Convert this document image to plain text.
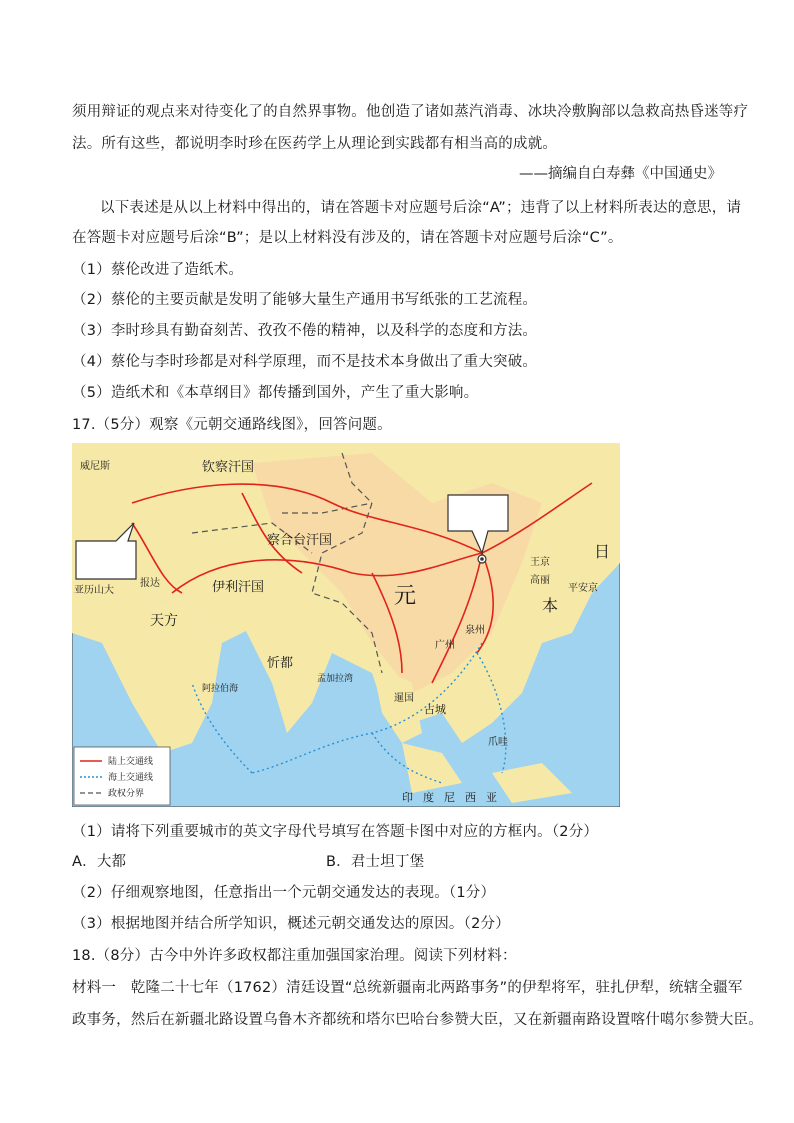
须用辩证的观点来对待变化了的自然界事物。他创造了诸如蒸汽消毒、冰块冷敷胸部以急救高热昏迷等疗
法。所有这些，都说明李时珍在医药学上从理论到实践都有相当高的成就。
——摘编自白寿彝《中国通史》
以下表述是从以上材料中得出的，请在答题卡对应题号后涂“A”；违背了以上材料所表达的意思，请
在答题卡对应题号后涂“B”；是以上材料没有涉及的，请在答题卡对应题号后涂“C”。
（1）蔡伦改进了造纸术。
（2）蔡伦的主要贡献是发明了能够大量生产通用书写纸张的工艺流程。
（3）李时珍具有勤奋刻苦、孜孜不倦的精神，以及科学的态度和方法。
（4）蔡伦与李时珍都是对科学原理，而不是技术本身做出了重大突破。
（5）造纸术和《本草纲目》都传播到国外，产生了重大影响。
17.（5分）观察《元朝交通路线图》，回答问题。
威尼斯	钦察汗国
察合台汗国
伊利汗国	元
亚历山大
报达
天方
忻都
阿拉伯海
孟加拉湾
占城
暹国
泉州
广州
王京
高丽
平安京
日
本
爪哇
印度尼西亚
陆上交通线
海上交通线
政权分界
（1）请将下列重要城市的英文字母代号填写在答题卡图中对应的方框内。（2分）
A．大都	B．君士坦丁堡
（2）仔细观察地图，任意指出一个元朝交通发达的表现。（1分）
（3）根据地图并结合所学知识，概述元朝交通发达的原因。（2分）
18.（8分）古今中外许多政权都注重加强国家治理。阅读下列材料：
材料一　乾隆二十七年（1762）清廷设置“总统新疆南北两路事务”的伊犁将军，驻扎伊犁，统辖全疆军
政事务，然后在新疆北路设置乌鲁木齐都统和塔尔巴哈台参赞大臣，又在新疆南路设置喀什噶尔参赞大臣。
